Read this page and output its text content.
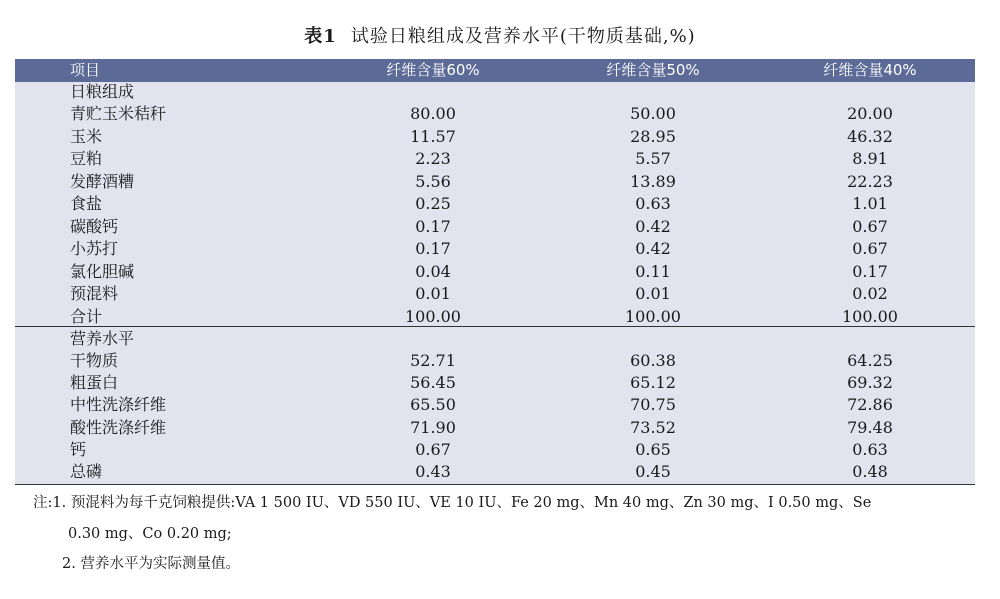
表1 试验日粮组成及营养水平(干物质基础,%)
项目	纤维含量60%	纤维含量50%	纤维含量40%
日粮组成
青贮玉米秸秆	80.00	50.00	20.00
玉米	11.57	28.95	46.32
豆粕	2.23	5.57	8.91
发酵酒糟	5.56	13.89	22.23
食盐	0.25	0.63	1.01
碳酸钙	0.17	0.42	0.67
小苏打	0.17	0.42	0.67
氯化胆碱	0.04	0.11	0.17
预混料	0.01	0.01	0.02
合计	100.00	100.00	100.00
营养水平
干物质	52.71	60.38	64.25
粗蛋白	56.45	65.12	69.32
中性洗涤纤维	65.50	70.75	72.86
酸性洗涤纤维	71.90	73.52	79.48
钙	0.67	0.65	0.63
总磷	0.43	0.45	0.48
注:1. 预混料为每千克饲粮提供:VA 1 500 IU、VD 550 IU、VE 10 IU、Fe 20 mg、Mn 40 mg、Zn 30 mg、I 0.50 mg、Se
0.30 mg、Co 0.20 mg;
2. 营养水平为实际测量值。
